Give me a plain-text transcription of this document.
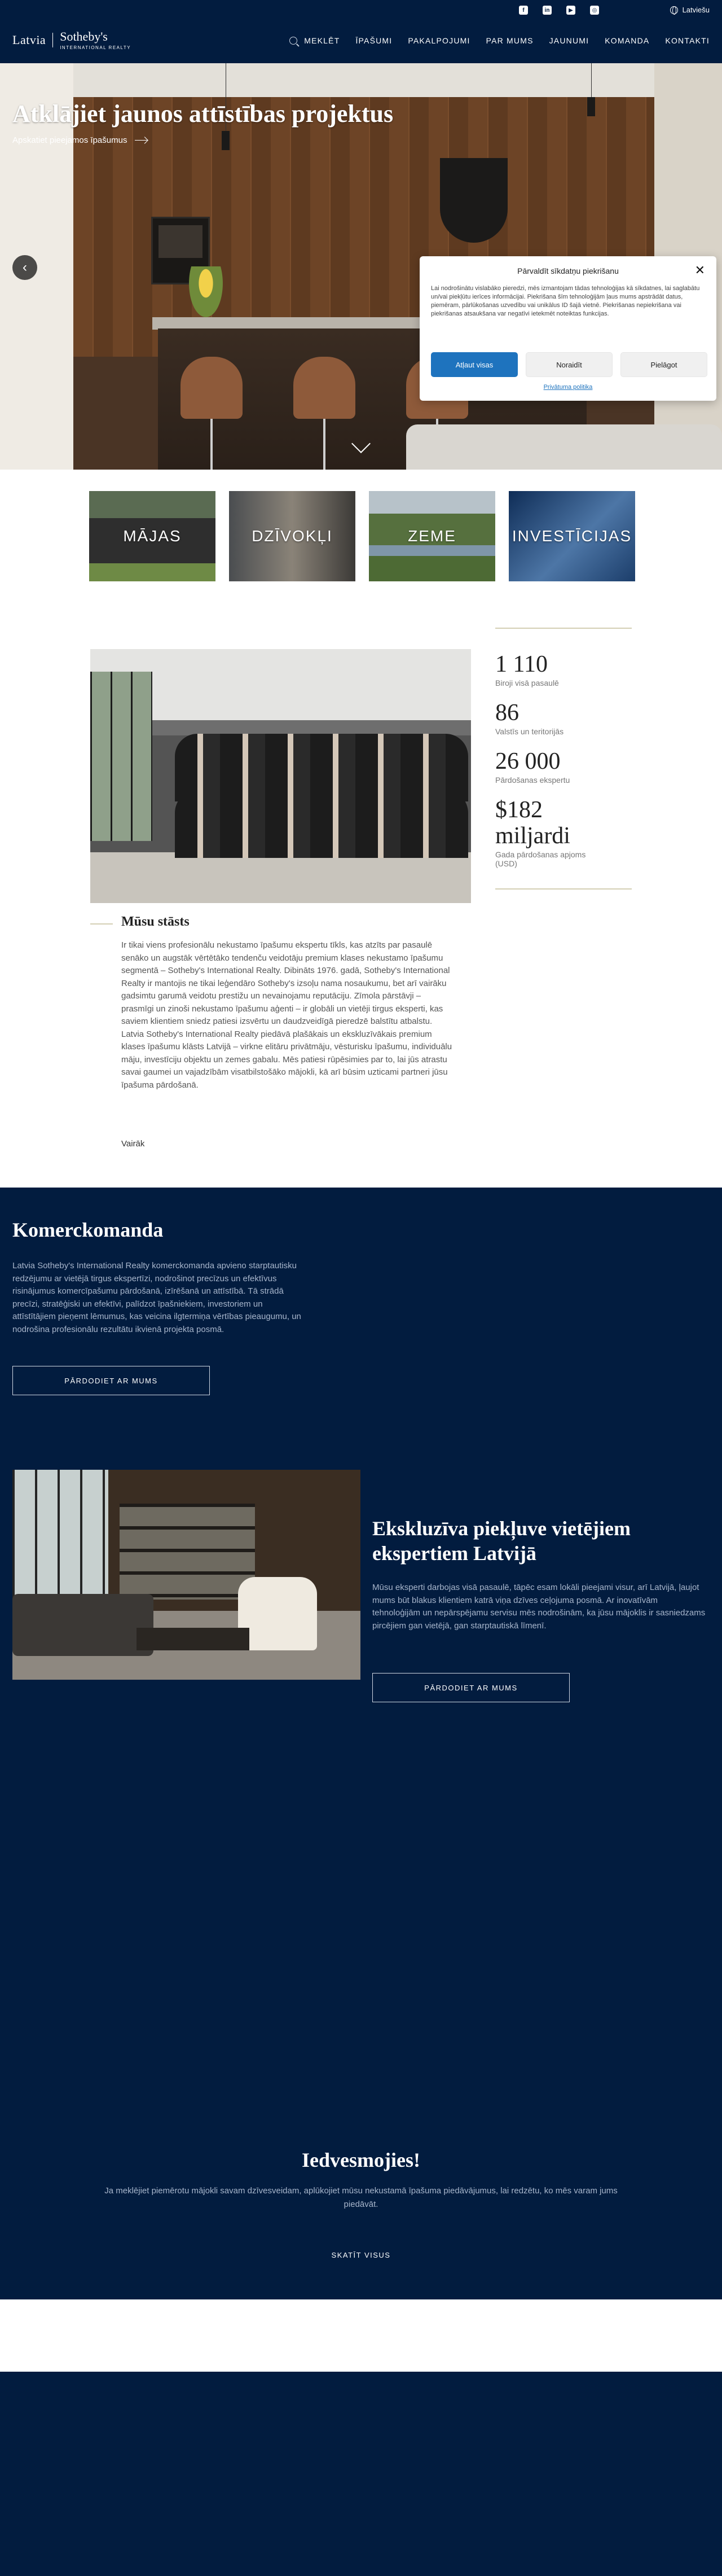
f	in	▶	◎	Latviešu
Latvia	Sotheby's
INTERNATIONAL REALTY
MEKLĒT ĪPAŠUMI PAKALPOJUMI PAR MUMS JAUNUMI KOMANDA KONTAKTI
Atklājiet jaunos attīstības projektus
Apskatiet pieejamos īpašumus
‹	Pārvaldīt sīkdatņu piekrišanu	✕

Lai nodrošinātu vislabāko pieredzi, mēs izmantojam tādas tehnoloģijas kā sīkdatnes, lai saglabātu un/vai piekļūtu ierīces informācijai. Piekrišana šīm tehnoloģijām ļaus mums apstrādāt datus, piemēram, pārlūkošanas uzvedību vai unikālus ID šajā vietnē. Piekrišanas nepiekrišana vai piekrišanas atsaukšana var negatīvi ietekmēt noteiktas funkcijas.

Atļaut visas	Noraidīt	Pielāgot
Privātuma politika
MĀJAS	DZĪVOKĻI	ZEME	INVESTĪCIJAS
1 110
Biroji visā pasaulē
86
Valstīs un teritorijās
26 000
Pārdošanas ekspertu
$182 miljardi
Gada pārdošanas apjoms (USD)
Mūsu stāsts

Ir tikai viens profesionālu nekustamo īpašumu ekspertu tīkls, kas atzīts par pasaulē senāko un augstāk vērtētāko tendenču veidotāju premium klases nekustamo īpašumu segmentā – Sotheby's International Realty. Dibināts 1976. gadā, Sotheby's International Realty ir mantojis ne tikai leģendāro Sotheby's izsoļu nama nosaukumu, bet arī vairāku gadsimtu garumā veidotu prestižu un nevainojamu reputāciju. Zīmola pārstāvji – prasmīgi un zinoši nekustamo īpašumu aģenti – ir globāli un vietēji tirgus eksperti, kas saviem klientiem sniedz patiesi izsvērtu un daudzveidīgā pieredzē balstītu atbalstu. Latvia Sotheby's International Realty piedāvā plašākais un ekskluzīvākais premium klases īpašumu klāsts Latvijā – virkne elitāru privātmāju, vēsturisku īpašumu, individuālu māju, investīciju objektu un zemes gabalu. Mēs patiesi rūpēsimies par to, lai jūs atrastu savai gaumei un vajadzībām visatbilstošāko mājokli, kā arī būsim uzticami partneri jūsu īpašuma pārdošanā.

Vairāk
Komerckomanda

Latvia Sotheby's International Realty komerckomanda apvieno starptautisku redzējumu ar vietējā tirgus ekspertīzi, nodrošinot precīzus un efektīvus risinājumus komercīpašumu pārdošanā, izīrēšanā un attīstībā. Tā strādā precīzi, stratēģiski un efektīvi, palīdzot īpašniekiem, investoriem un attīstītājiem pieņemt lēmumus, kas veicina ilgtermiņa vērtības pieaugumu, un nodrošina profesionālu rezultātu ikvienā projekta posmā.

PĀRDODIET AR MUMS
Ekskluzīva piekļuve vietējiem ekspertiem Latvijā

Mūsu eksperti darbojas visā pasaulē, tāpēc esam lokāli pieejami visur, arī Latvijā, ļaujot mums būt blakus klientiem katrā viņa dzīves ceļojuma posmā. Ar inovatīvām tehnoloģijām un nepārspējamu servisu mēs nodrošinām, ka jūsu mājoklis ir sasniedzams pircējiem gan vietējā, gan starptautiskā līmenī.

PĀRDODIET AR MUMS
Iedvesmojies!

Ja meklējiet piemērotu mājokli savam dzīvesveidam, aplūkojiet mūsu nekustamā īpašuma piedāvājumus, lai redzētu, ko mēs varam jums piedāvāt.

SKATĪT VISUS
